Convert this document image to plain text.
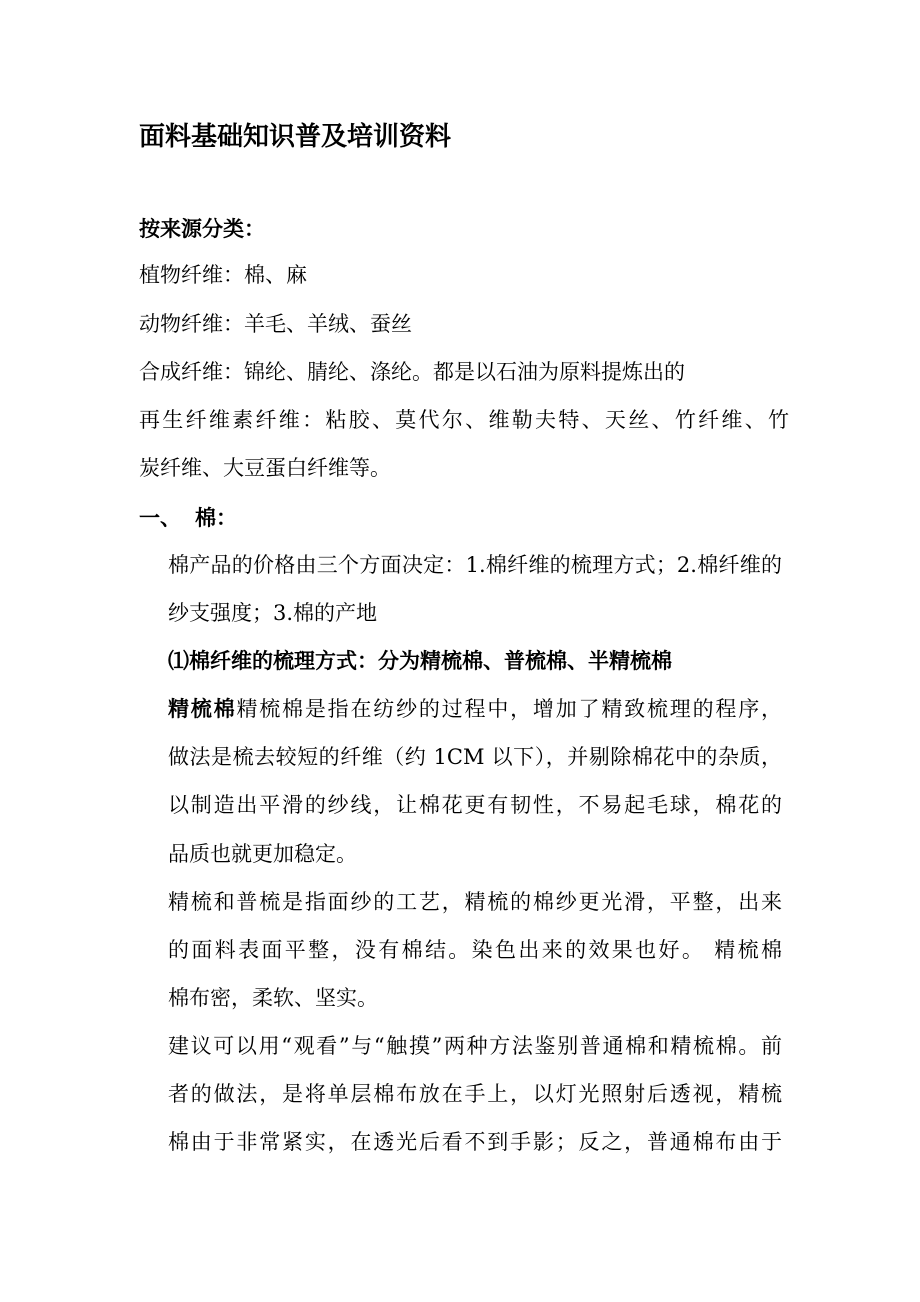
面料基础知识普及培训资料
按来源分类：
植物纤维：棉、麻
动物纤维：羊毛、羊绒、蚕丝
合成纤维：锦纶、腈纶、涤纶。都是以石油为原料提炼出的
再生纤维素纤维：粘胶、莫代尔、维勒夫特、天丝、竹纤维、竹
炭纤维、大豆蛋白纤维等。
一、 棉：
棉产品的价格由三个方面决定：1.棉纤维的梳理方式；2.棉纤维的
纱支强度；3.棉的产地
⑴棉纤维的梳理方式：分为精梳棉、普梳棉、半精梳棉
精梳棉精梳棉是指在纺纱的过程中，增加了精致梳理的程序，
做法是梳去较短的纤维（约 1CM 以下），并剔除棉花中的杂质，
以制造出平滑的纱线，让棉花更有韧性，不易起毛球，棉花的
品质也就更加稳定。
精梳和普梳是指面纱的工艺，精梳的棉纱更光滑，平整，出来
的面料表面平整，没有棉结。染色出来的效果也好。 精梳棉
棉布密，柔软、坚实。
建议可以用“观看”与“触摸”两种方法鉴别普通棉和精梳棉。前
者的做法，是将单层棉布放在手上，以灯光照射后透视，精梳
棉由于非常紧实，在透光后看不到手影；反之，普通棉布由于
